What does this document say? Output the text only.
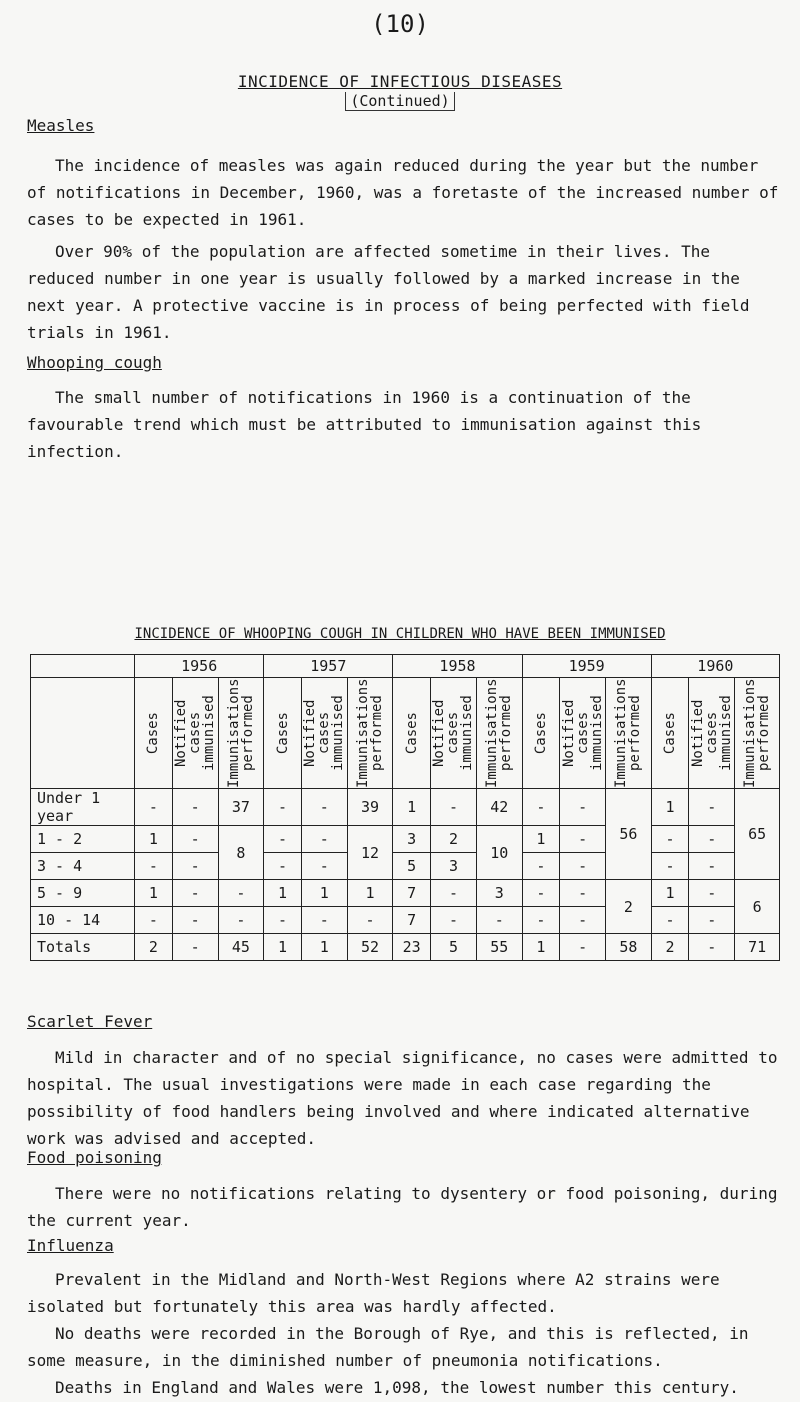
(10)
INCIDENCE OF INFECTIOUS DISEASES
(Continued)
Measles
The incidence of measles was again reduced during the year but the number of notifications in December, 1960, was a foretaste of the increased number of cases to be expected in 1961.
Over 90% of the population are affected sometime in their lives. The reduced number in one year is usually followed by a marked increase in the next year. A protective vaccine is in process of being perfected with field trials in 1961.
Whooping cough
The small number of notifications in 1960 is a continuation of the favourable trend which must be attributed to immunisation against this infection.
INCIDENCE OF WHOOPING COUGH IN CHILDREN WHO HAVE BEEN IMMUNISED
	1956			1957			1958			1959			1960		

	Cases	Notified cases immunised	Immunisations performed	Cases	Notified cases immunised	Immunisations performed	Cases	Notified cases immunised	Immunisations performed	Cases	Notified cases immunised	Immunisations performed	Cases	Notified cases immunised	Immunisations performed

Under 1 year	-	-	37	-	-	39	1	-	42	-	-	56	1	-	65
1 - 2	1	-	8	-	-	12	3	2	10	1	-		-	-	
3 - 4	-	-		-	-		5	3		-	-		-	-	
5 - 9	1	-	-	1	1	1	7	-	3	-	-	2	1	-	6
10 - 14	-	-	-	-	-	-	7	-	-	-	-		-	-	
Totals	2	-	45	1	1	52	23	5	55	1	-	58	2	-	71
Scarlet Fever
Mild in character and of no special significance, no cases were admitted to hospital. The usual investigations were made in each case regarding the possibility of food handlers being involved and where indicated alternative work was advised and accepted.
Food poisoning
There were no notifications relating to dysentery or food poisoning, during the current year.
Influenza
Prevalent in the Midland and North-West Regions where A2 strains were isolated but fortunately this area was hardly affected.
No deaths were recorded in the Borough of Rye, and this is reflected, in some measure, in the diminished number of pneumonia notifications.
Deaths in England and Wales were 1,098, the lowest number this century.
